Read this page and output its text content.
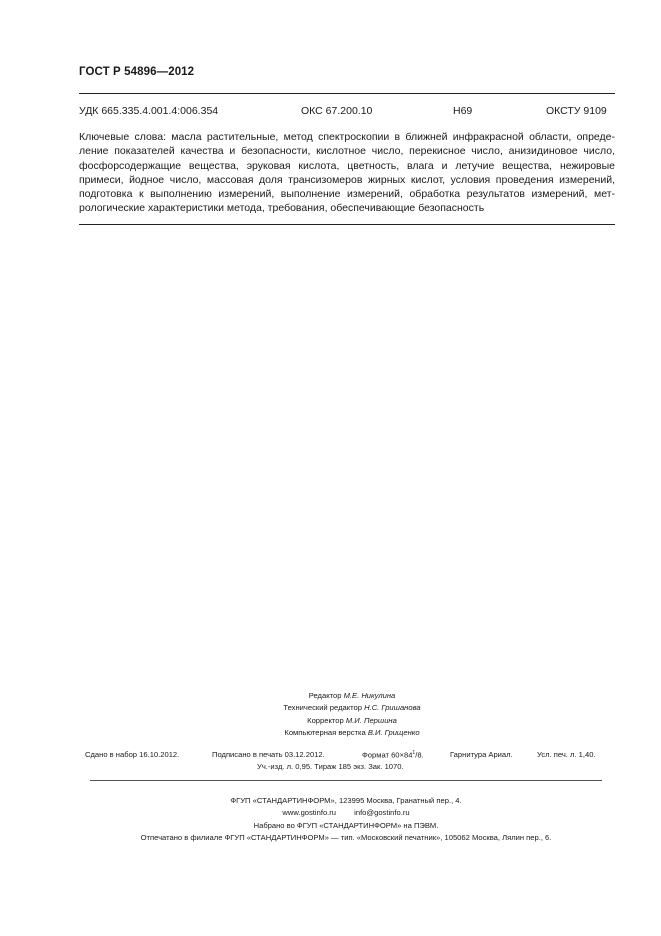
ГОСТ Р 54896—2012
УДК 665.335.4.001.4:006.354	ОКС 67.200.10	Н69	ОКСТУ 9109
Ключевые слова: масла растительные, метод спектроскопии в ближней инфракрасной области, опреде-
ление показателей качества и безопасности, кислотное число, перекисное число, анизидиновое число,
фосфорсодержащие вещества, эруковая кислота, цветность, влага и летучие вещества, нежировые
примеси, йодное число, массовая доля трансизомеров жирных кислот, условия проведения измерений,
подготовка к выполнению измерений, выполнение измерений, обработка результатов измерений, мет-
рологические характеристики метода, требования, обеспечивающие безопасность
Редактор М.Е. Никулина
Технический редактор Н.С. Гришанова
Корректор М.И. Першина
Компьютерная верстка В.И. Грищенко
Сдано в набор 16.10.2012.	Подписано в печать 03.12.2012.	Формат $60\times 84^1/8$.	Гарнитура Ариал.	Усл. печ. л. 1,40.
Уч.-изд. л. 0,95. Тираж 185 экз. Зак. 1070.
ФГУП «СТАНДАРТИНФОРМ», 123995 Москва, Гранатный пер., 4.
www.gostinfo.ru info@gostinfo.ru
Набрано во ФГУП «СТАНДАРТИНФОРМ» на ПЭВМ.
Отпечатано в филиале ФГУП «СТАНДАРТИНФОРМ» — тип. «Московский печатник», 105062 Москва, Лялин пер., 6.
